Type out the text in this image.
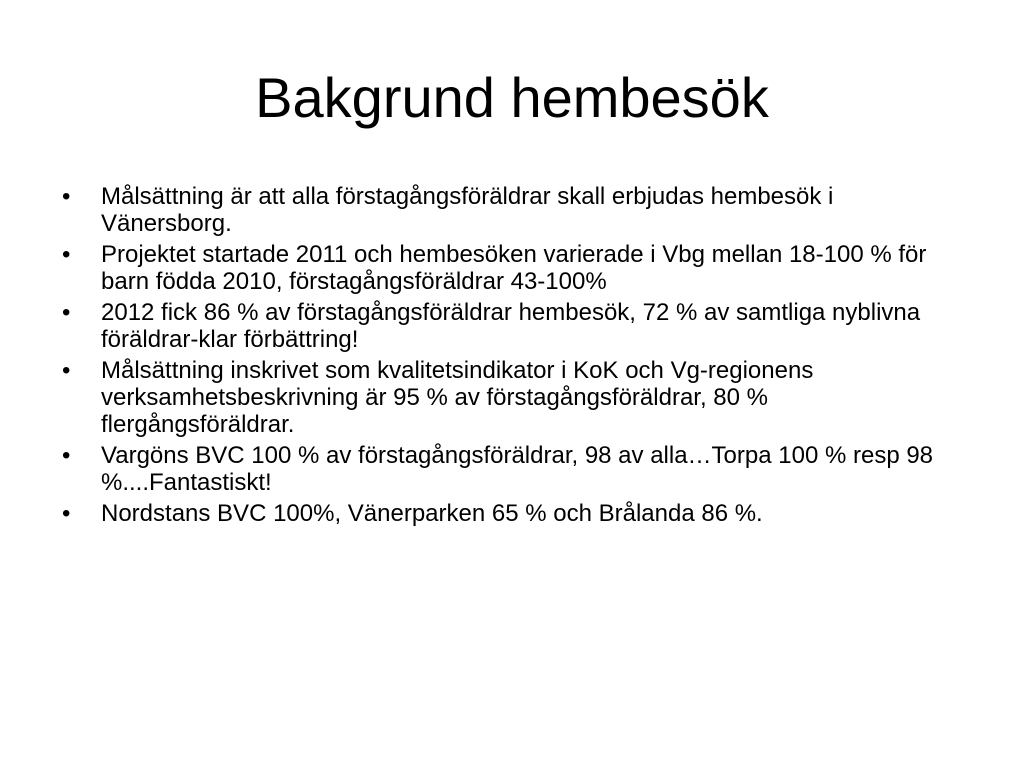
Bakgrund hembesök
•	Målsättning är att alla förstagångsföräldrar skall erbjudas hembesök i Vänersborg.
•	Projektet startade 2011 och hembesöken varierade i Vbg mellan 18-100 % för barn födda 2010, förstagångsföräldrar 43-100%
•	2012 fick 86 % av förstagångsföräldrar hembesök, 72 % av samtliga nyblivna föräldrar-klar förbättring!
•	Målsättning inskrivet som kvalitetsindikator i KoK och Vg-regionens verksamhetsbeskrivning är 95 % av förstagångsföräldrar, 80 % flergångsföräldrar.
•	Vargöns BVC 100 % av förstagångsföräldrar, 98 av alla…Torpa 100 % resp 98 %....Fantastiskt!
•	Nordstans BVC 100%, Vänerparken 65 % och Brålanda 86 %.
